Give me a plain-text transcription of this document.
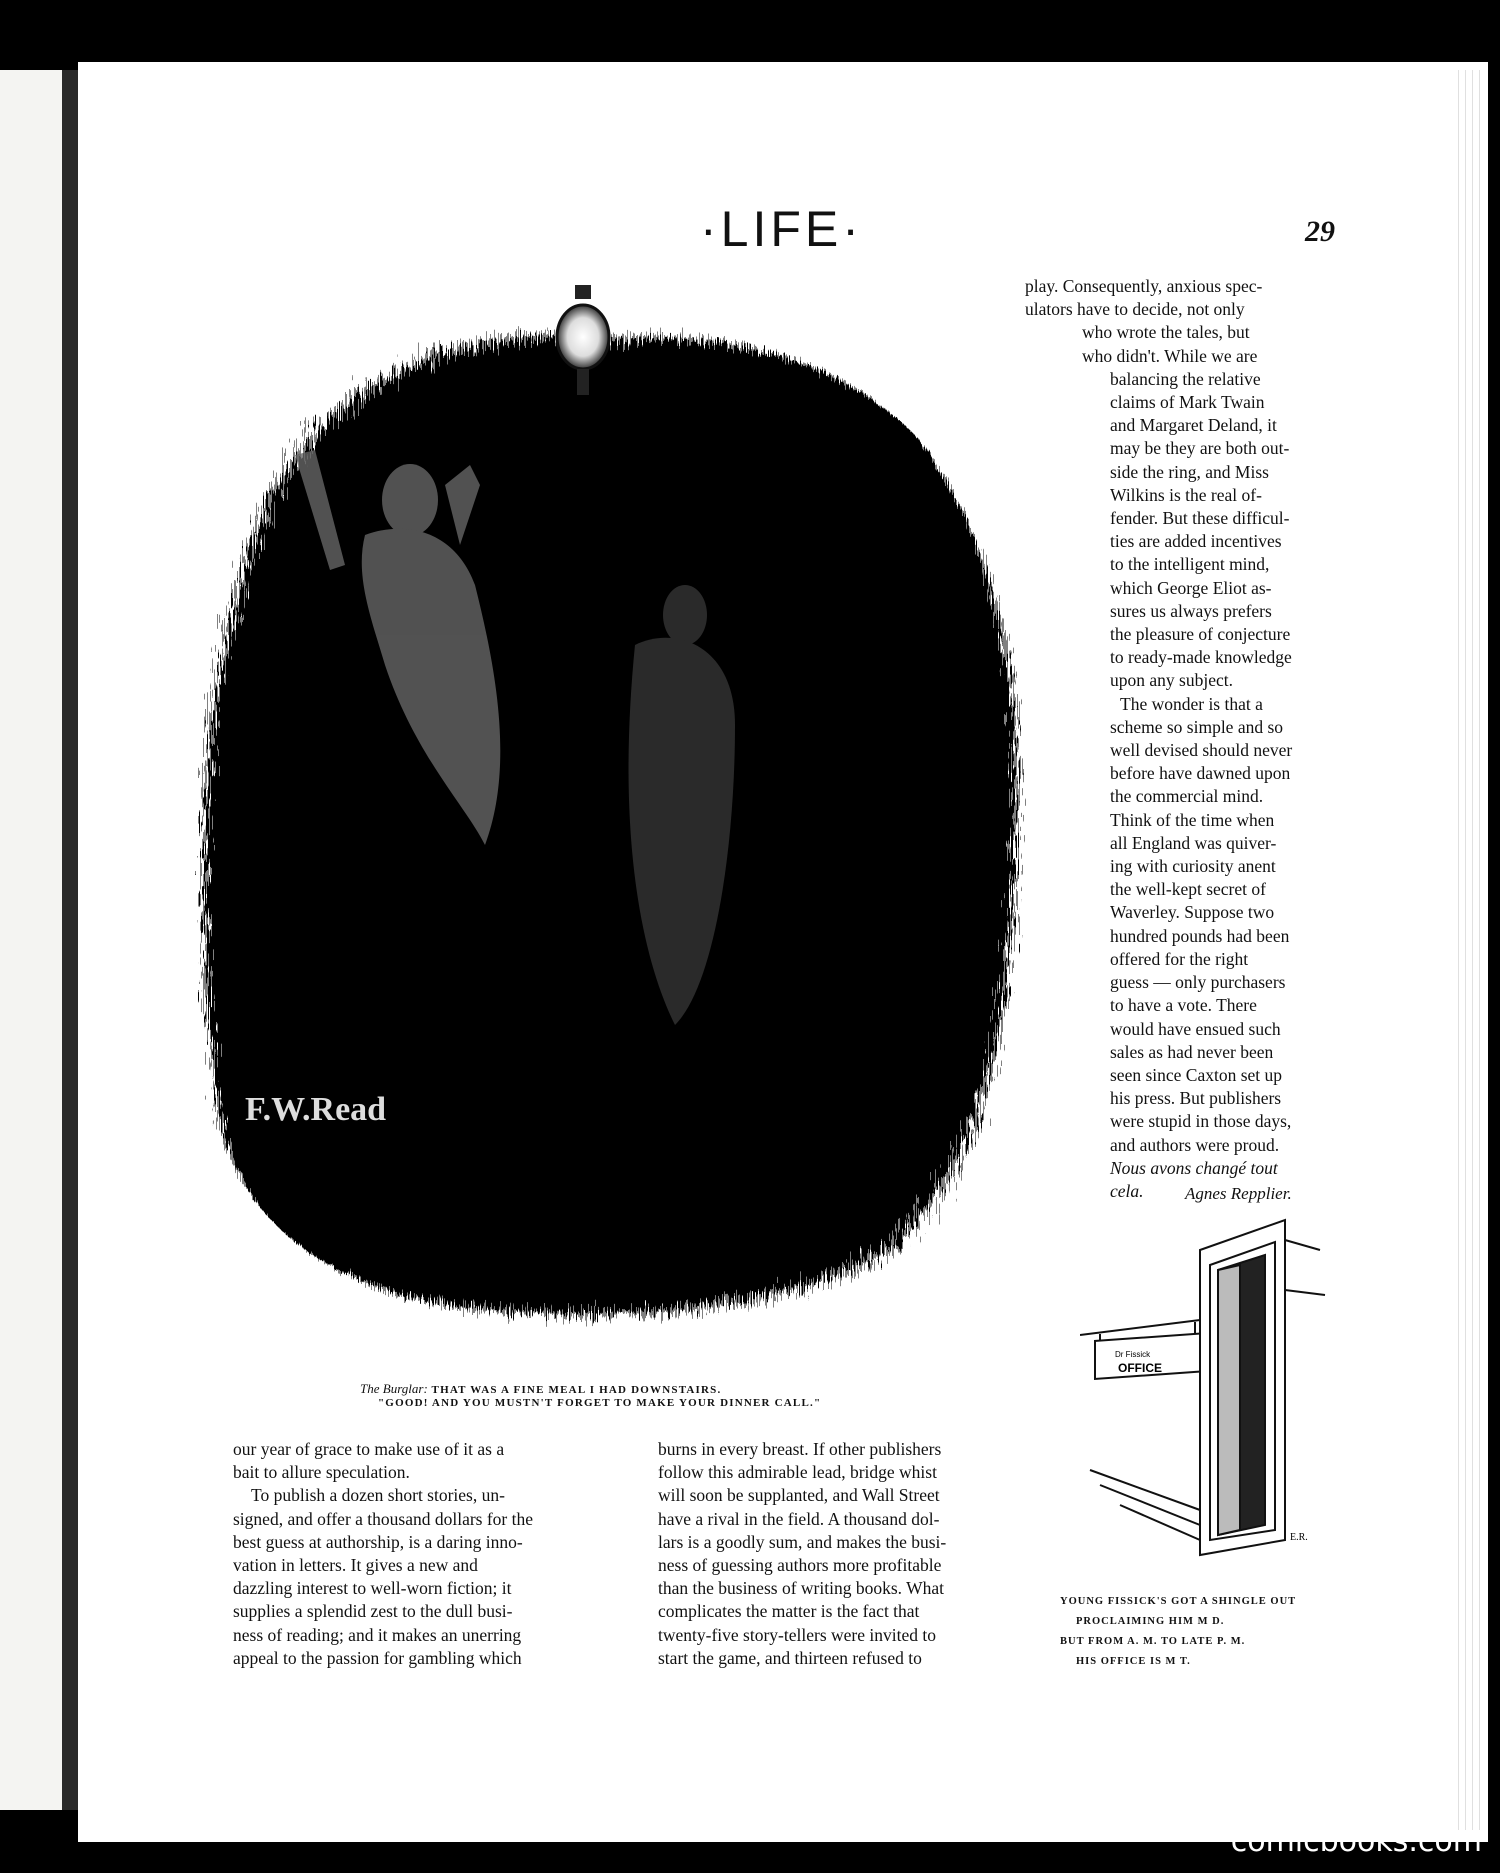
·LIFE·	29
F.W.Read
The Burglar: THAT WAS A FINE MEAL I HAD DOWNSTAIRS.
"GOOD! AND YOU MUSTN'T FORGET TO MAKE YOUR DINNER CALL."
play. Consequently, anxious spec-
ulators have to decide, not only
who wrote the tales, but
who didn't. While we are
balancing the relative
claims of Mark Twain
and Margaret Deland, it
may be they are both out-
side the ring, and Miss
Wilkins is the real of-
fender. But these difficul-
ties are added incentives
to the intelligent mind,
which George Eliot as-
sures us always prefers
the pleasure of conjecture
to ready-made knowledge
upon any subject.
The wonder is that a
scheme so simple and so
well devised should never
before have dawned upon
the commercial mind.
Think of the time when
all England was quiver-
ing with curiosity anent
the well-kept secret of
Waverley. Suppose two
hundred pounds had been
offered for the right
guess — only purchasers
to have a vote. There
would have ensued such
sales as had never been
seen since Caxton set up
his press. But publishers
were stupid in those days,
and authors were proud.
Nous avons changé tout
cela.	Agnes Repplier.
our year of grace to make use of it as a
bait to allure speculation.
To publish a dozen short stories, un-
signed, and offer a thousand dollars for the
best guess at authorship, is a daring inno-
vation in letters. It gives a new and
dazzling interest to well-worn fiction; it
supplies a splendid zest to the dull busi-
ness of reading; and it makes an unerring
appeal to the passion for gambling which
burns in every breast. If other publishers
follow this admirable lead, bridge whist
will soon be supplanted, and Wall Street
have a rival in the field. A thousand dol-
lars is a goodly sum, and makes the busi-
ness of guessing authors more profitable
than the business of writing books. What
complicates the matter is the fact that
twenty-five story-tellers were invited to
start the game, and thirteen refused to
Dr Fissick
OFFICE
E.R.
YOUNG FISSICK'S GOT A SHINGLE OUT
PROCLAIMING HIM M D.
BUT FROM A. M. TO LATE P. M.
HIS OFFICE IS M T.
comicbooks.com
